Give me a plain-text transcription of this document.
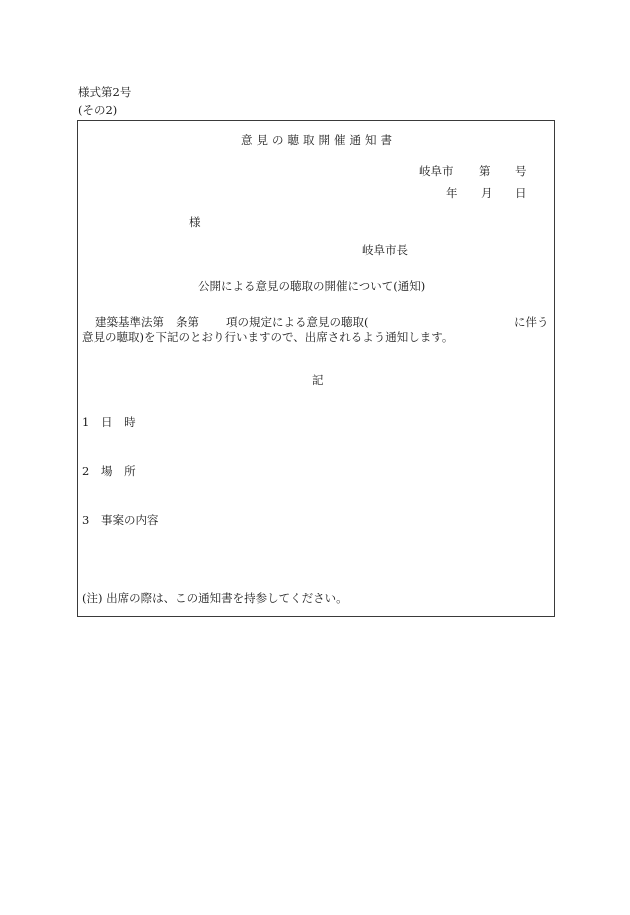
様式第2号
(その2)
意見の聴取開催通知書
岐阜市 第 号
年 月 日
様
岐阜市長
公開による意見の聴取の開催について(通知)
建築基準法第 条第 項の規定による意見の聴取(	に伴う
意見の聴取)を下記のとおり行いますので、出席されるよう通知します。
記
1 日 時
2 場 所
3 事案の内容
(注) 出席の際は、この通知書を持参してください。
